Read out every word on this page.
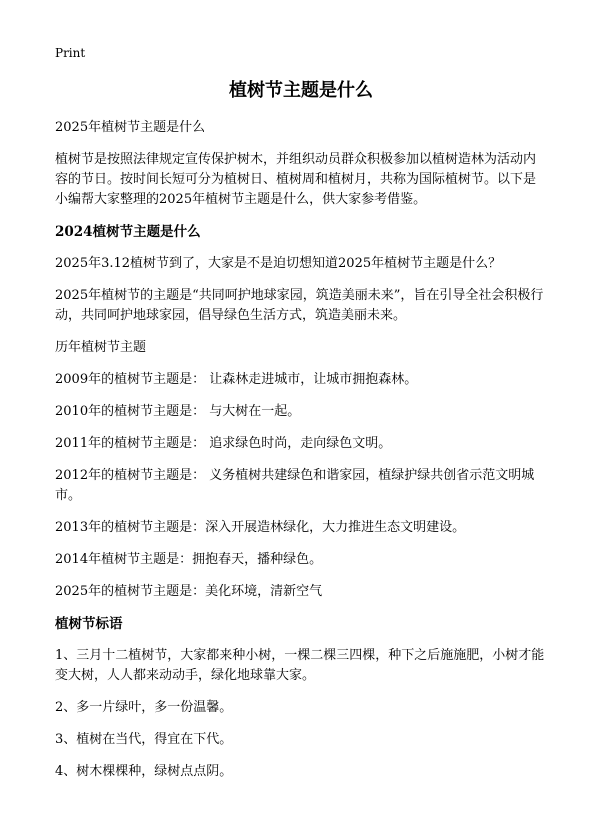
Print
植树节主题是什么

2025年植树节主题是什么

植树节是按照法律规定宣传保护树木，并组织动员群众积极参加以植树造林为活动内容的节日。按时间长短可分为植树日、植树周和植树月，共称为国际植树节。以下是小编帮大家整理的2025年植树节主题是什么，供大家参考借鉴。

2024植树节主题是什么

2025年3.12植树节到了，大家是不是迫切想知道2025年植树节主题是什么？

2025年植树节的主题是“共同呵护地球家园，筑造美丽未来”，旨在引导全社会积极行动，共同呵护地球家园，倡导绿色生活方式，筑造美丽未来。

历年植树节主题

2009年的植树节主题是： 让森林走进城市，让城市拥抱森林。

2010年的植树节主题是： 与大树在一起。

2011年的植树节主题是： 追求绿色时尚，走向绿色文明。

2012年的植树节主题是： 义务植树共建绿色和谐家园，植绿护绿共创省示范文明城市。

2013年的植树节主题是：深入开展造林绿化，大力推进生态文明建设。

2014年植树节主题是：拥抱春天，播种绿色。

2025年的植树节主题是：美化环境，清新空气

植树节标语

1、三月十二植树节，大家都来种小树，一棵二棵三四棵，种下之后施施肥，小树才能变大树，人人都来动动手，绿化地球靠大家。

2、多一片绿叶，多一份温馨。

3、植树在当代，得宜在下代。

4、树木棵棵种，绿树点点阴。
